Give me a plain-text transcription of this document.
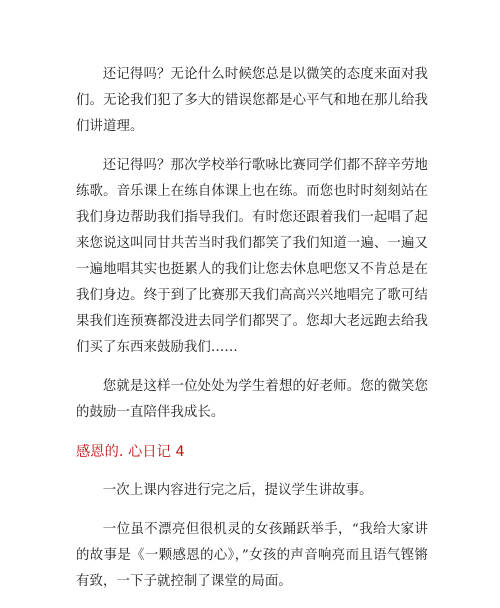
还记得吗？无论什么时候您总是以微笑的态度来面对我们。无论我们犯了多大的错误您都是心平气和地在那儿给我们讲道理。

还记得吗？那次学校举行歌咏比赛同学们都不辞辛劳地练歌。音乐课上在练自体课上也在练。而您也时时刻刻站在我们身边帮助我们指导我们。有时您还跟着我们一起唱了起来您说这叫同甘共苦当时我们都笑了我们知道一遍、一遍又一遍地唱其实也挺累人的我们让您去休息吧您又不肯总是在我们身边。终于到了比赛那天我们高高兴兴地唱完了歌可结果我们连预赛都没进去同学们都哭了。您却大老远跑去给我们买了东西来鼓励我们……

您就是这样一位处处为学生着想的好老师。您的微笑您的鼓励一直陪伴我成长。

感恩的. 心日记 4

一次上课内容进行完之后，提议学生讲故事。

一位虽不漂亮但很机灵的女孩踊跃举手，“我给大家讲的故事是《一颗感恩的心》，”女孩的声音响亮而且语气铿锵有致，一下子就控制了课堂的局面。
